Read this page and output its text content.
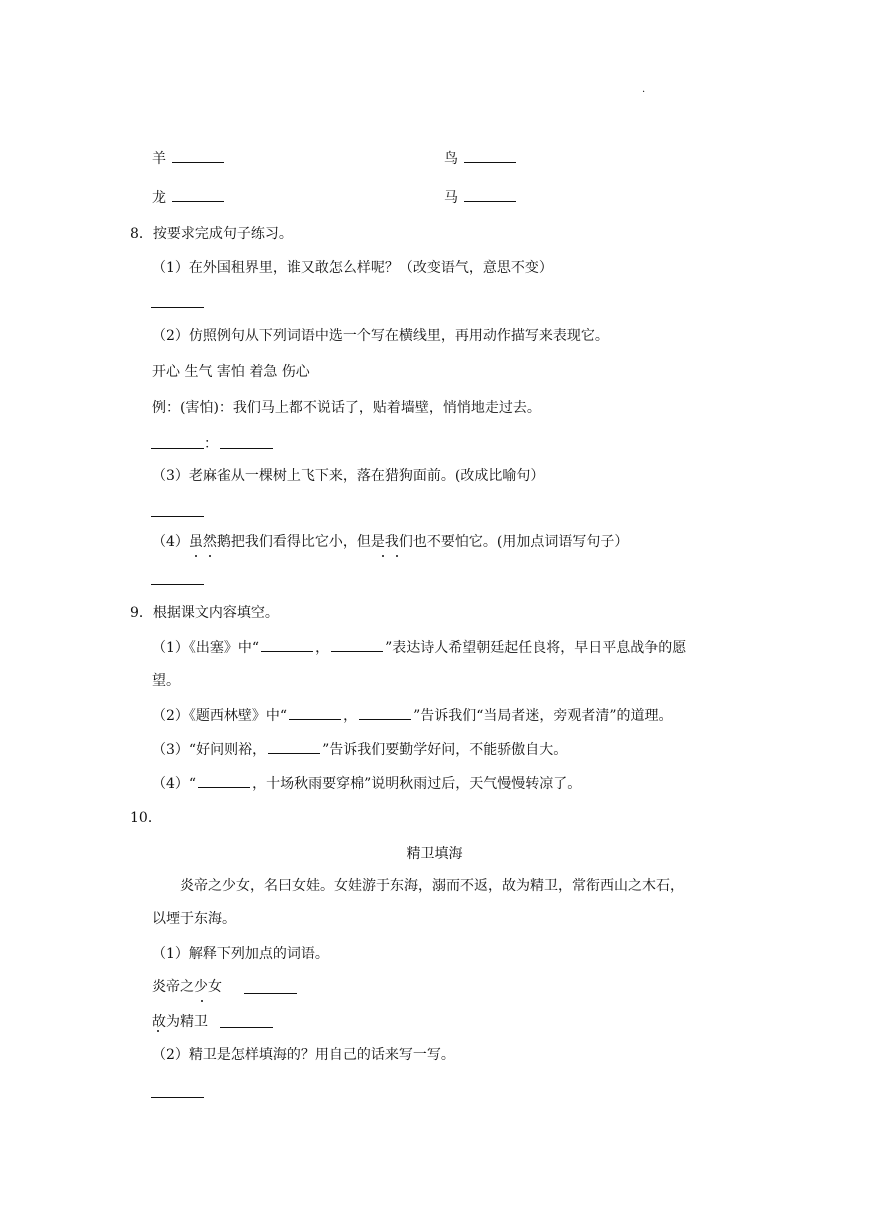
.
羊	鸟
龙	马
8．按要求完成句子练习。
（1）在外国租界里，谁又敢怎么样呢？（改变语气，意思不变）
（2）仿照例句从下列词语中选一个写在横线里，再用动作描写来表现它。
开心 生气 害怕 着急 伤心
例：(害怕)：我们马上都不说话了，贴着墙壁，悄悄地走过去。
：
（3）老麻雀从一棵树上飞下来，落在猎狗面前。(改成比喻句）
（4）虽然鹅把我们看得比它小，但是我们也不要怕它。(用加点词语写句子）
9．根据课文内容填空。
（1）《出塞》中“	，	”表达诗人希望朝廷起任良将，早日平息战争的愿
望。
（2）《题西林壁》中“	，	”告诉我们“当局者迷，旁观者清”的道理。
（3）“好问则裕，	”告诉我们要勤学好问，不能骄傲自大。
（4）“	，十场秋雨要穿棉”说明秋雨过后，天气慢慢转凉了。
10．
精卫填海
炎帝之少女，名曰女娃。女娃游于东海，溺而不返，故为精卫，常衔西山之木石，
以堙于东海。
（1）解释下列加点的词语。
炎帝之少女
故为精卫
（2）精卫是怎样填海的？用自己的话来写一写。
